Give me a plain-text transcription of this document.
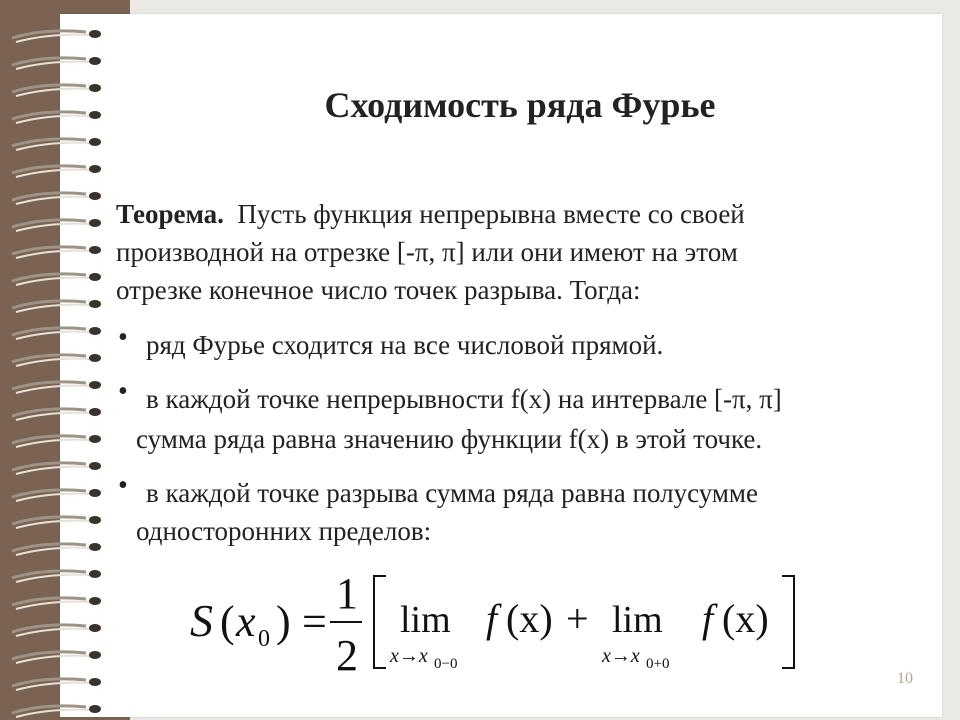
Сходимость ряда Фурье
Теорема. Пусть функция непрерывна вместе со своей
производной на отрезке [-π, π] или они имеют на этом
отрезке конечное число точек разрыва. Тогда:
• ряд Фурье сходится на все числовой прямой.
• в каждой точке непрерывности f(x) на интервале [-π, π]
сумма ряда равна значению функции f(x) в этой точке.
• в каждой точке разрыва сумма ряда равна полусумме
односторонних пределов:
S ( x 0 ) =
1
2
lim
x→x 0−0
f (x) + lim
x→x 0+0
f (x)
10
